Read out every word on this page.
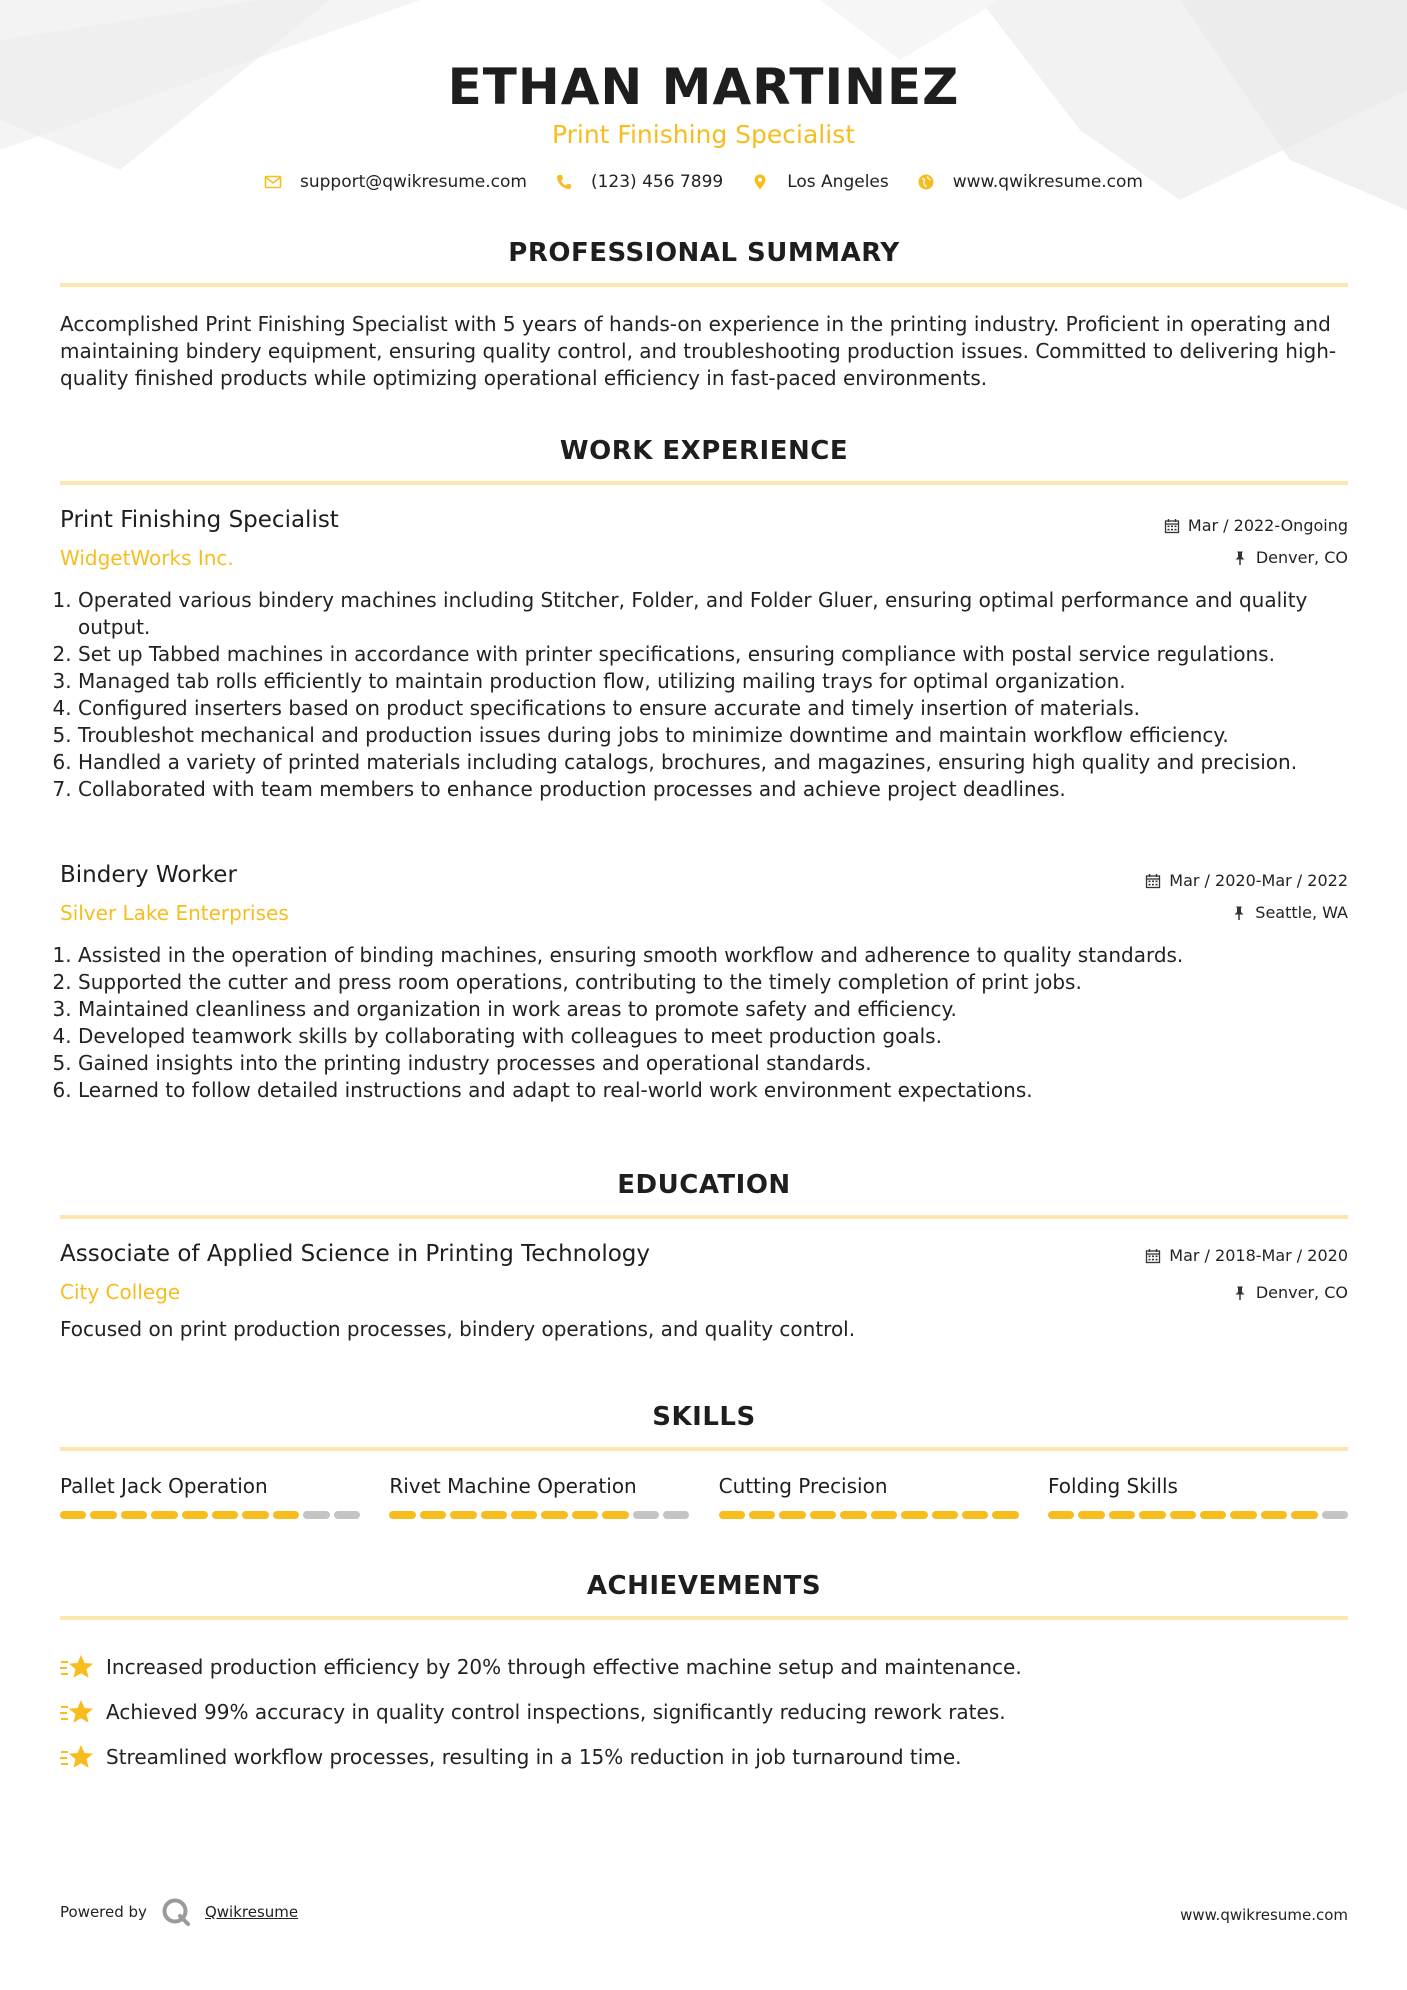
ETHAN MARTINEZ
Print Finishing Specialist
support@qwikresume.com	(123) 456 7899	Los Angeles	www.qwikresume.com
PROFESSIONAL SUMMARY
Accomplished Print Finishing Specialist with 5 years of hands-on experience in the printing industry. Proficient in operating and maintaining bindery equipment, ensuring quality control, and troubleshooting production issues. Committed to delivering high-quality finished products while optimizing operational efficiency in fast-paced environments.
WORK EXPERIENCE
Print Finishing Specialist	Mar / 2022-Ongoing
WidgetWorks Inc.	Denver, CO
1. Operated various bindery machines including Stitcher, Folder, and Folder Gluer, ensuring optimal performance and quality output.
2. Set up Tabbed machines in accordance with printer specifications, ensuring compliance with postal service regulations.
3. Managed tab rolls efficiently to maintain production flow, utilizing mailing trays for optimal organization.
4. Configured inserters based on product specifications to ensure accurate and timely insertion of materials.
5. Troubleshot mechanical and production issues during jobs to minimize downtime and maintain workflow efficiency.
6. Handled a variety of printed materials including catalogs, brochures, and magazines, ensuring high quality and precision.
7. Collaborated with team members to enhance production processes and achieve project deadlines.
Bindery Worker	Mar / 2020-Mar / 2022
Silver Lake Enterprises	Seattle, WA
1. Assisted in the operation of binding machines, ensuring smooth workflow and adherence to quality standards.
2. Supported the cutter and press room operations, contributing to the timely completion of print jobs.
3. Maintained cleanliness and organization in work areas to promote safety and efficiency.
4. Developed teamwork skills by collaborating with colleagues to meet production goals.
5. Gained insights into the printing industry processes and operational standards.
6. Learned to follow detailed instructions and adapt to real-world work environment expectations.
EDUCATION
Associate of Applied Science in Printing Technology	Mar / 2018-Mar / 2020
City College	Denver, CO
Focused on print production processes, bindery operations, and quality control.
SKILLS
Pallet Jack Operation	Rivet Machine Operation	Cutting Precision	Folding Skills
ACHIEVEMENTS
Increased production efficiency by 20% through effective machine setup and maintenance.
Achieved 99% accuracy in quality control inspections, significantly reducing rework rates.
Streamlined workflow processes, resulting in a 15% reduction in job turnaround time.
Powered by	Qwikresume	www.qwikresume.com
